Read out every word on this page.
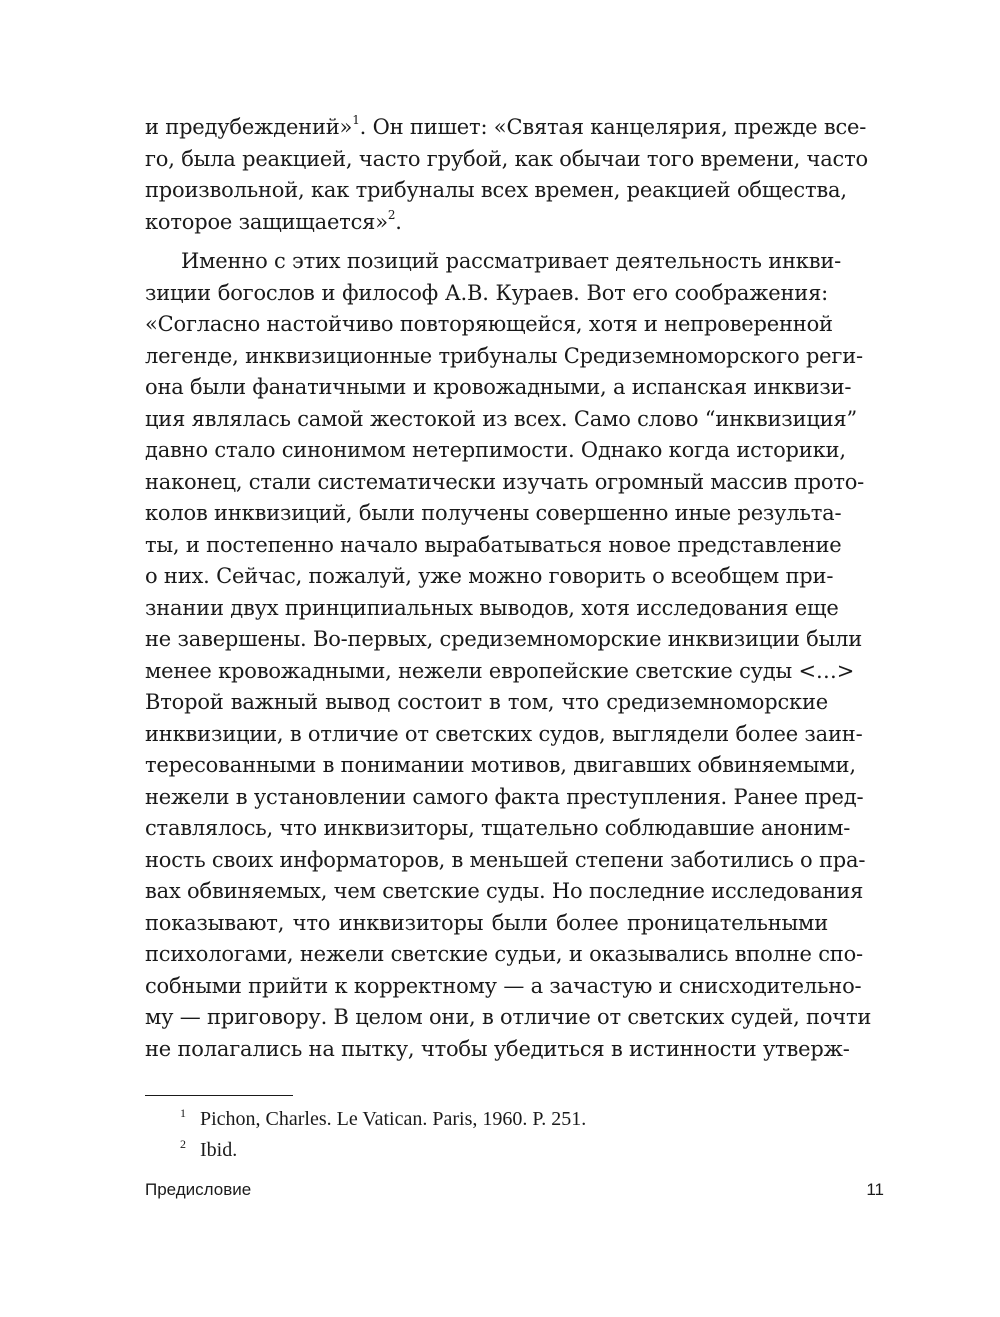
и предубеждений»$^1$. Он пишет: «Святая канцелярия, прежде все-
го, была реакцией, часто грубой, как обычаи того времени, часто
произвольной, как трибуналы всех времен, реакцией общества,
которое защищается»$^2$.
Именно с этих позиций рассматривает деятельность инкви-
зиции богослов и философ А.В. Кураев. Вот его соображения:
«Согласно настойчиво повторяющейся, хотя и непроверенной
легенде, инквизиционные трибуналы Средиземноморского реги-
она были фанатичными и кровожадными, а испанская инквизи-
ция являлась самой жестокой из всех. Само слово “инквизиция”
давно стало синонимом нетерпимости. Однако когда историки,
наконец, стали систематически изучать огромный массив прото-
колов инквизиций, были получены совершенно иные результа-
ты, и постепенно начало вырабатываться новое представление
о них. Сейчас, пожалуй, уже можно говорить о всеобщем при-
знании двух принципиальных выводов, хотя исследования еще
не завершены. Во-первых, средиземноморские инквизиции были
менее кровожадными, нежели европейские светские суды <…>
Второй важный вывод состоит в том, что средиземноморские
инквизиции, в отличие от светских судов, выглядели более заин-
тересованными в понимании мотивов, двигавших обвиняемыми,
нежели в установлении самого факта преступления. Ранее пред-
ставлялось, что инквизиторы, тщательно соблюдавшие аноним-
ность своих информаторов, в меньшей степени заботились о пра-
вах обвиняемых, чем светские суды. Но последние исследования
показывают, что инквизиторы были более проницательными
психологами, нежели светские судьи, и оказывались вполне спо-
собными прийти к корректному — а зачастую и снисходительно-
му — приговору. В целом они, в отличие от светских судей, почти
не полагались на пытку, чтобы убедиться в истинности утверж-
1 Pichon, Charles. Le Vatican. Paris, 1960. P. 251.
2 Ibid.
Предисловие	11
